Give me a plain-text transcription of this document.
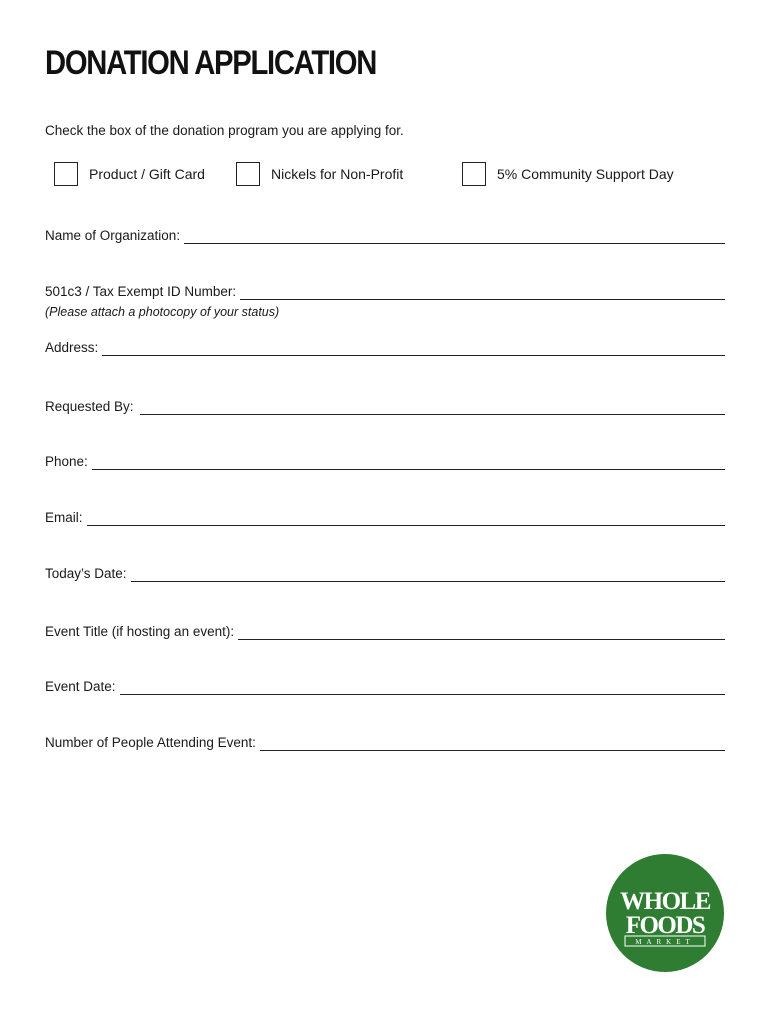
DONATION APPLICATION
Check the box of the donation program you are applying for.
Product / Gift Card	Nickels for Non-Profit	5% Community Support Day
Name of Organization:
501c3 / Tax Exempt ID Number:
(Please attach a photocopy of your status)
Address:
Requested By:
Phone:
Email:
Today’s Date:
Event Title (if hosting an event):
Event Date:
Number of People Attending Event:
WHOLE
FOODS
MARKET
